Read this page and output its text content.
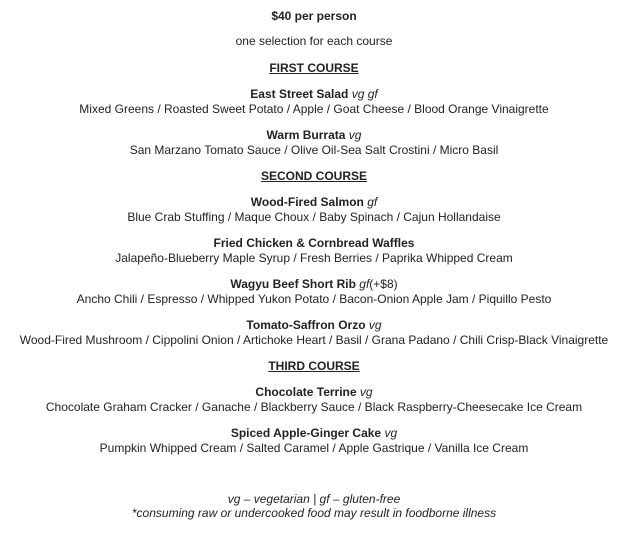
$40 per person
one selection for each course
FIRST COURSE
East Street Salad vg gf
Mixed Greens / Roasted Sweet Potato / Apple / Goat Cheese / Blood Orange Vinaigrette
Warm Burrata vg
San Marzano Tomato Sauce / Olive Oil-Sea Salt Crostini / Micro Basil
SECOND COURSE
Wood-Fired Salmon gf
Blue Crab Stuffing / Maque Choux / Baby Spinach / Cajun Hollandaise
Fried Chicken & Cornbread Waffles
Jalapeño-Blueberry Maple Syrup / Fresh Berries / Paprika Whipped Cream
Wagyu Beef Short Rib gf(+$8)
Ancho Chili / Espresso / Whipped Yukon Potato / Bacon-Onion Apple Jam / Piquillo Pesto
Tomato-Saffron Orzo vg
Wood-Fired Mushroom / Cippolini Onion / Artichoke Heart / Basil / Grana Padano / Chili Crisp-Black Vinaigrette
THIRD COURSE
Chocolate Terrine vg
Chocolate Graham Cracker / Ganache / Blackberry Sauce / Black Raspberry-Cheesecake Ice Cream
Spiced Apple-Ginger Cake vg
Pumpkin Whipped Cream / Salted Caramel / Apple Gastrique / Vanilla Ice Cream
vg – vegetarian | gf – gluten-free
*consuming raw or undercooked food may result in foodborne illness
